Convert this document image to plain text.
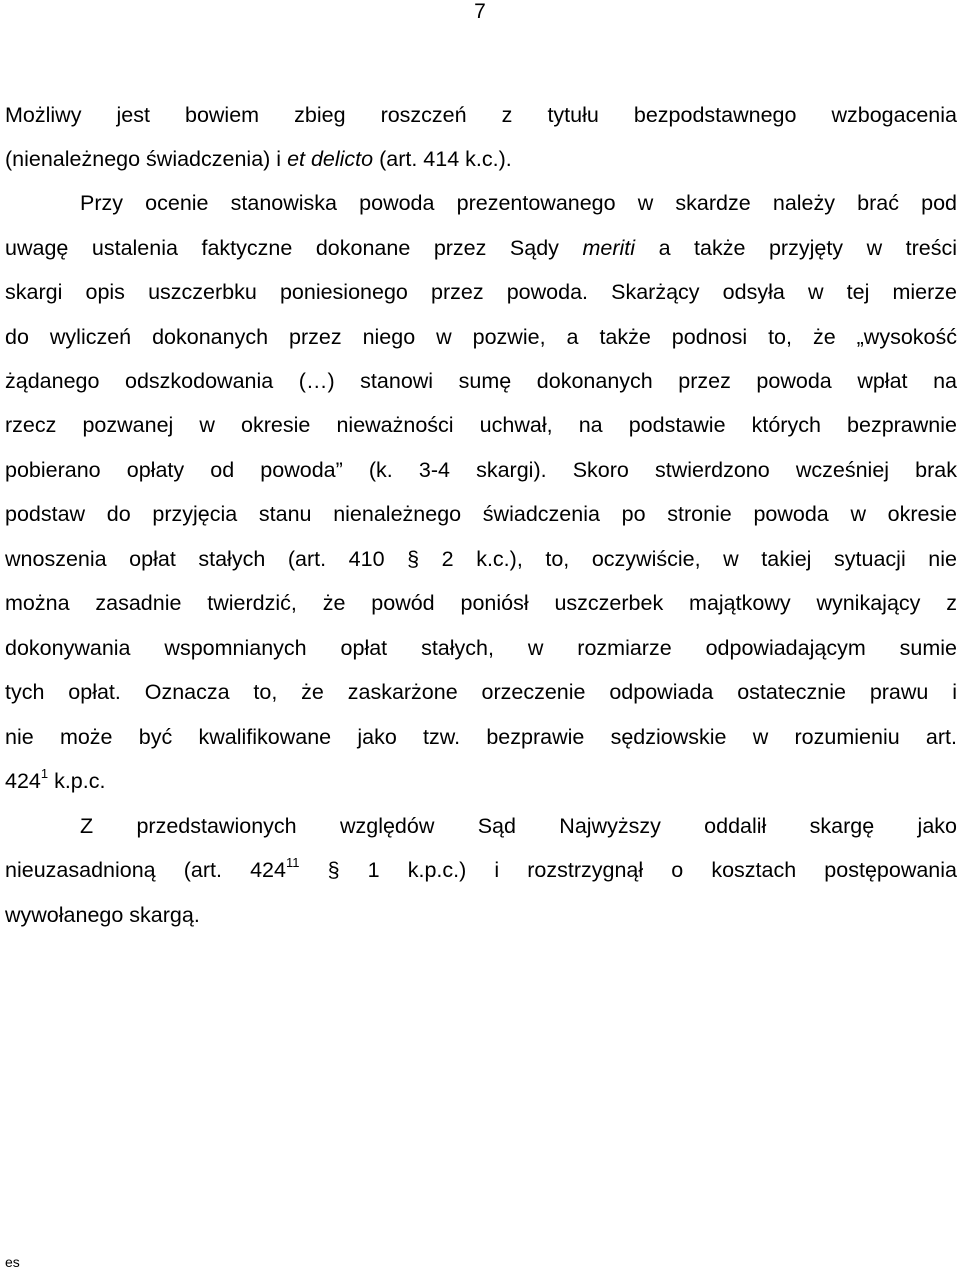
7
Możliwy jest bowiem zbieg roszczeń z tytułu bezpodstawnego wzbogacenia
(nienależnego świadczenia) i et delicto (art. 414 k.c.).
Przy ocenie stanowiska powoda prezentowanego w skardze należy brać pod
uwagę ustalenia faktyczne dokonane przez Sądy meriti a także przyjęty w treści
skargi opis uszczerbku poniesionego przez powoda. Skarżący odsyła w tej mierze
do wyliczeń dokonanych przez niego w pozwie, a także podnosi to, że „wysokość
żądanego odszkodowania (…) stanowi sumę dokonanych przez powoda wpłat na
rzecz pozwanej w okresie nieważności uchwał, na podstawie których bezprawnie
pobierano opłaty od powoda” (k. 3-4 skargi). Skoro stwierdzono wcześniej brak
podstaw do przyjęcia stanu nienależnego świadczenia po stronie powoda w okresie
wnoszenia opłat stałych (art. 410 § 2 k.c.), to, oczywiście, w takiej sytuacji nie
można zasadnie twierdzić, że powód poniósł uszczerbek majątkowy wynikający z
dokonywania wspomnianych opłat stałych, w rozmiarze odpowiadającym sumie
tych opłat. Oznacza to, że zaskarżone orzeczenie odpowiada ostatecznie prawu i
nie może być kwalifikowane jako tzw. bezprawie sędziowskie w rozumieniu art.
$424^1$ k.p.c.
Z przedstawionych względów Sąd Najwyższy oddalił skargę jako
nieuzasadnioną (art. $424^{11}$ § 1 k.p.c.) i rozstrzygnął o kosztach postępowania
wywołanego skargą.
es
